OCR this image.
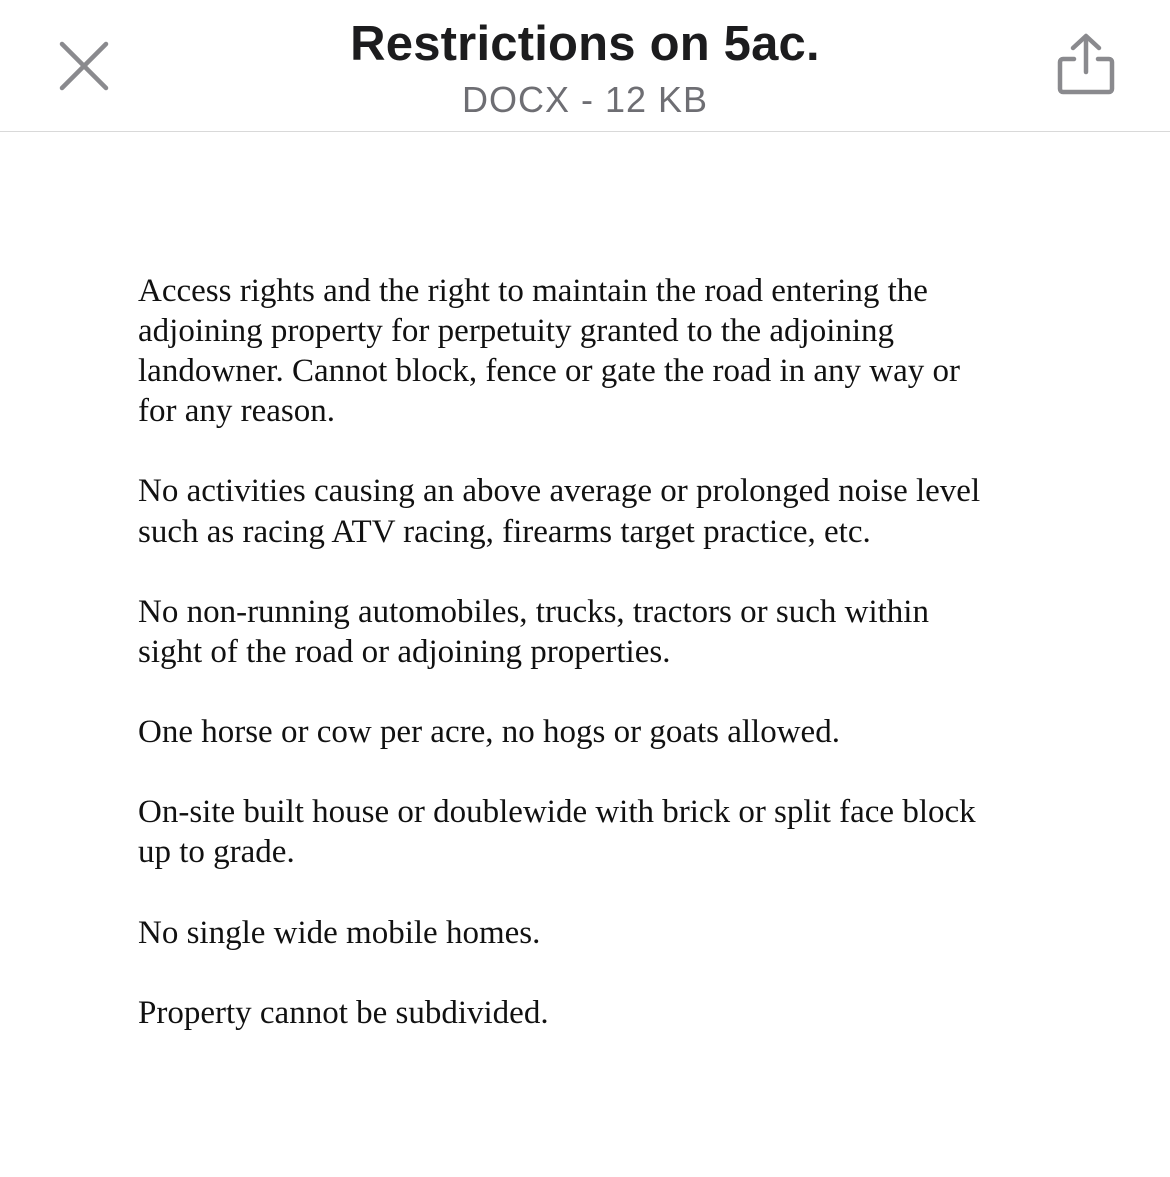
Restrictions on 5ac.
DOCX - 12 KB

Access rights and the right to maintain the road entering the
adjoining property for perpetuity granted to the adjoining
landowner. Cannot block, fence or gate the road in any way or
for any reason.

No activities causing an above average or prolonged noise level
such as racing ATV racing, firearms target practice, etc.

No non-running automobiles, trucks, tractors or such within
sight of the road or adjoining properties.

One horse or cow per acre, no hogs or goats allowed.

On-site built house or doublewide with brick or split face block
up to grade.

No single wide mobile homes.

Property cannot be subdivided.
